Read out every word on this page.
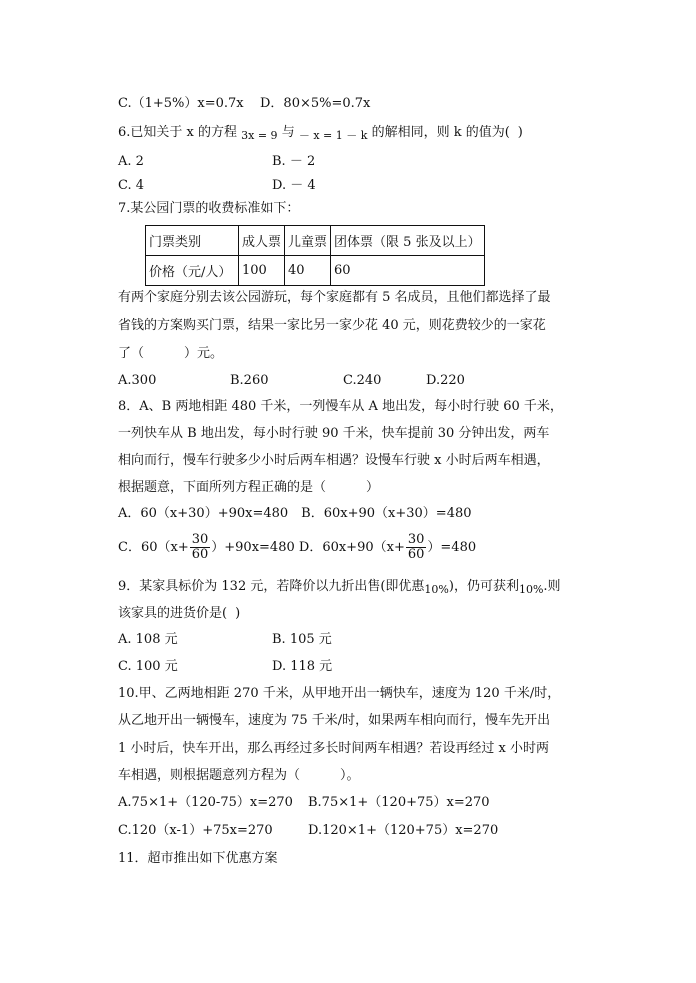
C.（1+5%）x=0.7x D．80×5%=0.7x
6.已知关于 x 的方程 $_{3x = 9}$ 与 $_{- x = 1 - k}$ 的解相同，则 k 的值为( )
A. 2	B. － 2
C. 4	D. － 4
7.某公园门票的收费标准如下：
门票类别	成人票	儿童票	团体票（限 5 张及以上）
价格（元/人）	100	40	60
有两个家庭分别去该公园游玩，每个家庭都有 5 名成员，且他们都选择了最
省钱的方案购买门票，结果一家比另一家少花 40 元，则花费较少的一家花
了（	）元。
A.300	B.260	C.240	D.220
8．A、B 两地相距 480 千米，一列慢车从 A 地出发，每小时行驶 60 千米，
一列快车从 B 地出发，每小时行驶 90 千米，快车提前 30 分钟出发，两车
相向而行，慢车行驶多少小时后两车相遇？设慢车行驶 x 小时后两车相遇，
根据题意，下面所列方程正确的是（	）
A．60（x+30）+90x=480　B．60x+90（x+30）=480
C．$60(x+ \frac{30}{60} )+90x=480$ D．$60x+90(x+ \frac{30}{60} )=480$
9．某家具标价为 132 元，若降价以九折出售(即优惠$_{10\%}$)，仍可获利$_{10\%}$.则
该家具的进货价是( )
A. 108 元	B. 105 元
C. 100 元	D. 118 元
10.甲、乙两地相距 270 千米，从甲地开出一辆快车，速度为 120 千米/时，
从乙地开出一辆慢车，速度为 75 千米/时，如果两车相向而行，慢车先开出
1 小时后，快车开出，那么再经过多长时间两车相遇？若设再经过 x 小时两
车相遇，则根据题意列方程为（	）。
A.75×1+（120-75）x=270 B.75×1+（120+75）x=270
C.120（x-1）+75x=270	D.120×1+（120+75）x=270
11．超市推出如下优惠方案
